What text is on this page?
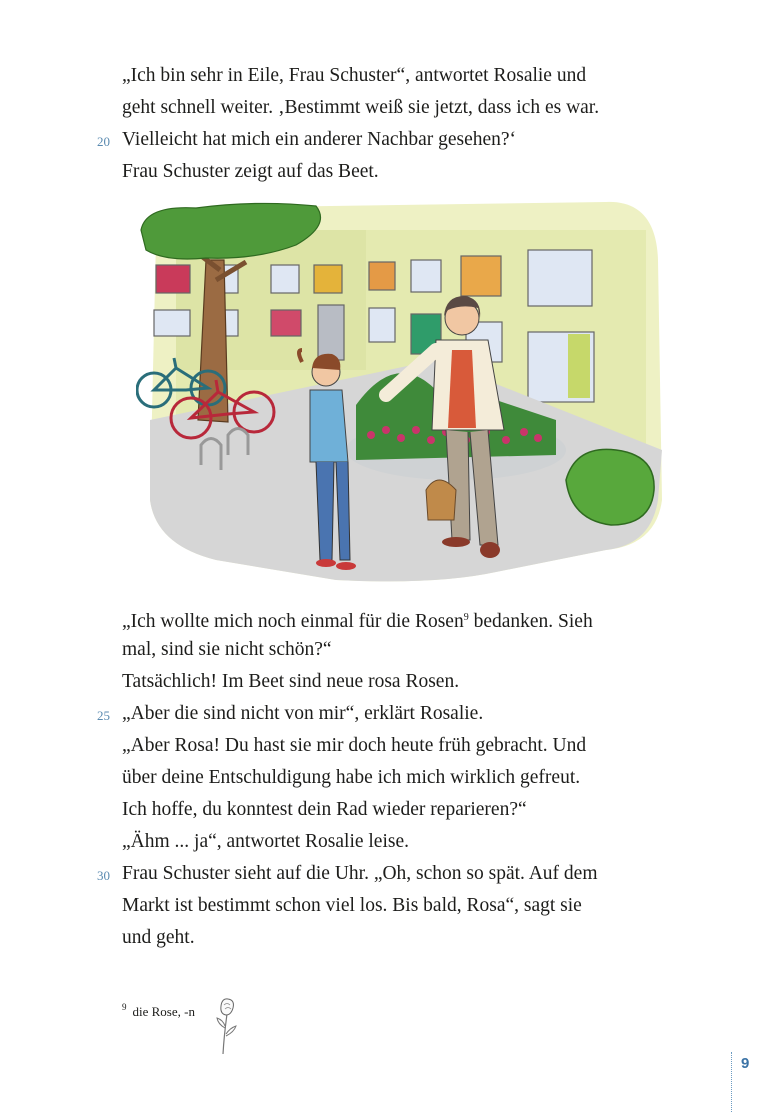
„Ich bin sehr in Eile, Frau Schuster“, antwortet Rosalie und
geht schnell weiter. ‚Bestimmt weiß sie jetzt, dass ich es war.
20 Vielleicht hat mich ein anderer Nachbar gesehen?‘
Frau Schuster zeigt auf das Beet.
„Ich wollte mich noch einmal für die Rosen$^9$ bedanken. Sieh
mal, sind sie nicht schön?“
Tatsächlich! Im Beet sind neue rosa Rosen.
25 „Aber die sind nicht von mir“, erklärt Rosalie.
„Aber Rosa! Du hast sie mir doch heute früh gebracht. Und
über deine Entschuldigung habe ich mich wirklich gefreut.
Ich hoffe, du konntest dein Rad wieder reparieren?“
„Ähm ... ja“, antwortet Rosalie leise.
30 Frau Schuster sieht auf die Uhr. „Oh, schon so spät. Auf dem
Markt ist bestimmt schon viel los. Bis bald, Rosa“, sagt sie
und geht.
$^9$ die Rose, -n
9
